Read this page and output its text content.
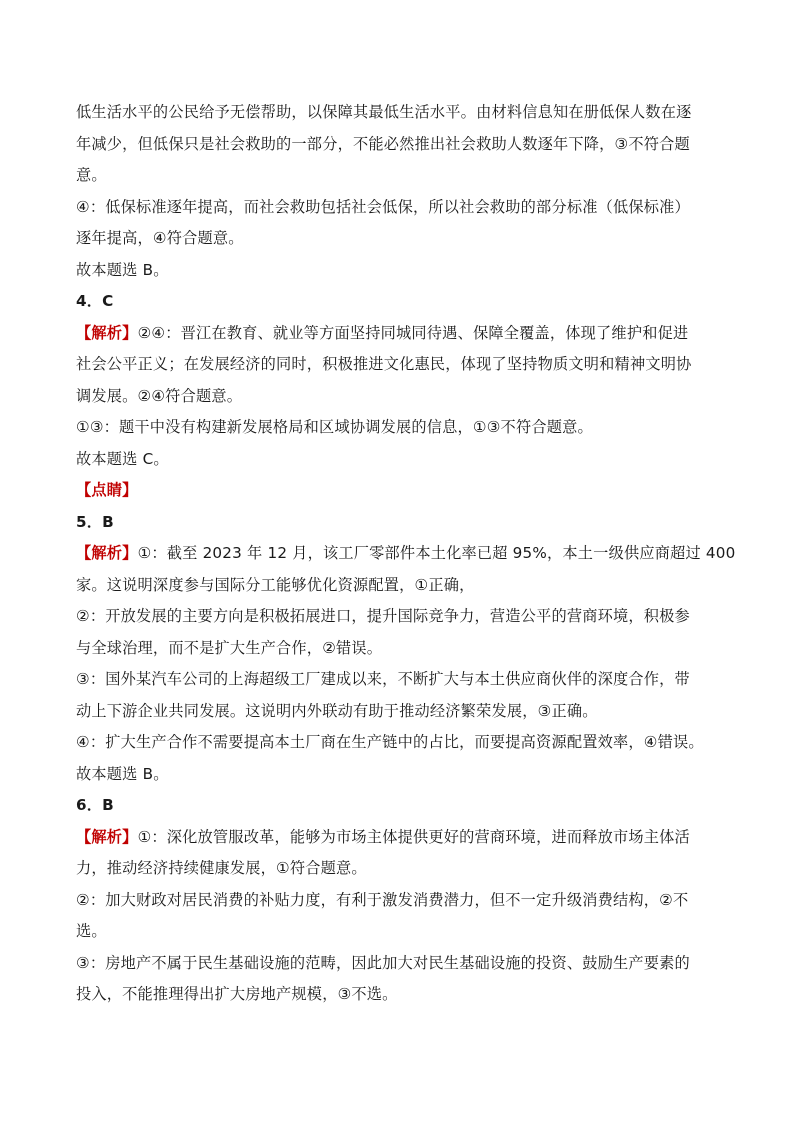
低生活水平的公民给予无偿帮助，以保障其最低生活水平。由材料信息知在册低保人数在逐
年减少，但低保只是社会救助的一部分，不能必然推出社会救助人数逐年下降，③不符合题
意。
④：低保标准逐年提高，而社会救助包括社会低保，所以社会救助的部分标准（低保标准）
逐年提高，④符合题意。
故本题选 B。
4．C
【解析】②④：晋江在教育、就业等方面坚持同城同待遇、保障全覆盖，体现了维护和促进
社会公平正义；在发展经济的同时，积极推进文化惠民，体现了坚持物质文明和精神文明协
调发展。②④符合题意。
①③：题干中没有构建新发展格局和区域协调发展的信息，①③不符合题意。
故本题选 C。
【点睛】
5．B
【解析】①：截至 2023 年 12 月，该工厂零部件本土化率已超 95%，本土一级供应商超过 400
家。这说明深度参与国际分工能够优化资源配置，①正确，
②：开放发展的主要方向是积极拓展进口，提升国际竞争力，营造公平的营商环境，积极参
与全球治理，而不是扩大生产合作，②错误。
③：国外某汽车公司的上海超级工厂建成以来，不断扩大与本土供应商伙伴的深度合作，带
动上下游企业共同发展。这说明内外联动有助于推动经济繁荣发展，③正确。
④：扩大生产合作不需要提高本土厂商在生产链中的占比，而要提高资源配置效率，④错误。
故本题选 B。
6．B
【解析】①：深化放管服改革，能够为市场主体提供更好的营商环境，进而释放市场主体活
力，推动经济持续健康发展，①符合题意。
②：加大财政对居民消费的补贴力度，有利于激发消费潜力，但不一定升级消费结构，②不
选。
③：房地产不属于民生基础设施的范畴，因此加大对民生基础设施的投资、鼓励生产要素的
投入，不能推理得出扩大房地产规模，③不选。
